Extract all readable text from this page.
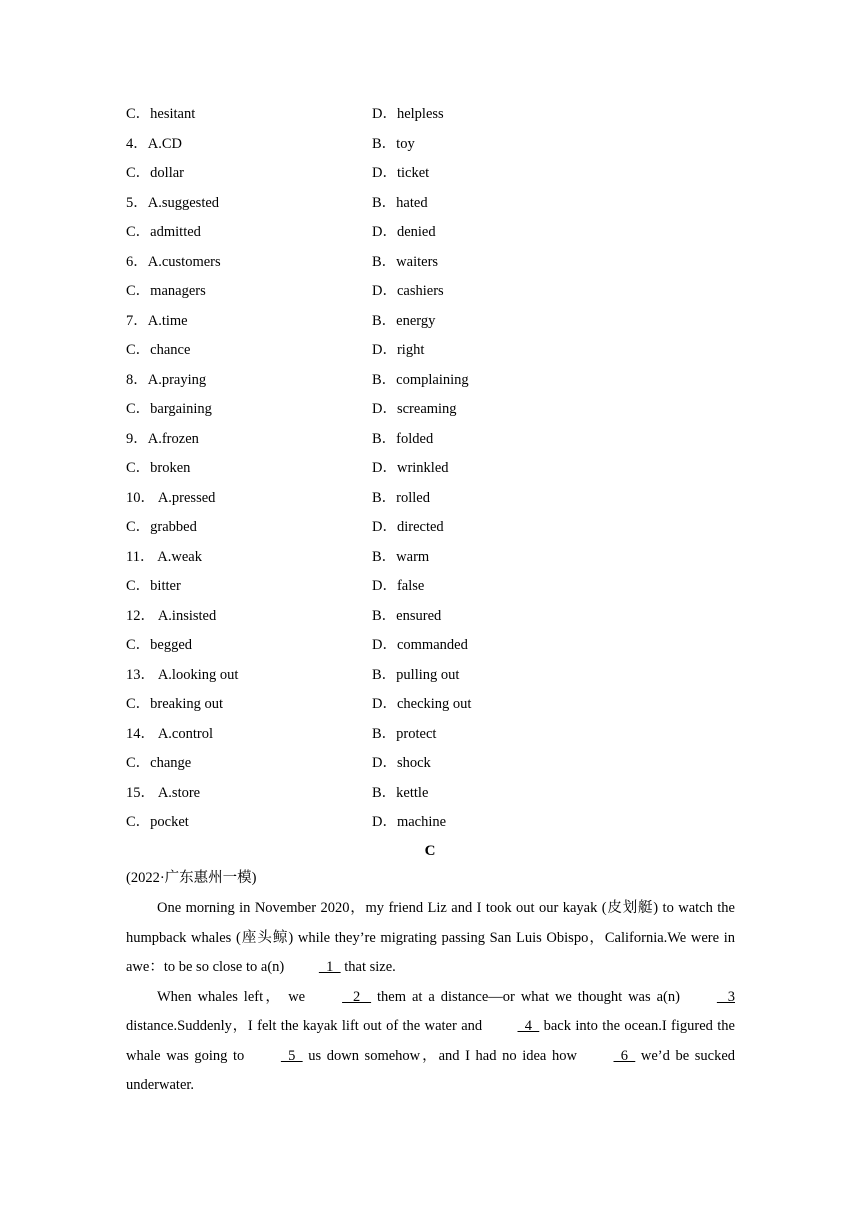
C．hesitant	D．helpless
4．A.CD	B．toy
C．dollar	D．ticket
5．A.suggested	B．hated
C．admitted	D．denied
6．A.customers	B．waiters
C．managers	D．cashiers
7．A.time	B．energy
C．chance	D．right
8．A.praying	B．complaining
C．bargaining	D．screaming
9．A.frozen	B．folded
C．broken	D．wrinkled
10． A.pressed	B．rolled
C．grabbed	D．directed
11． A.weak	B．warm
C．bitter	D．false
12． A.insisted	B．ensured
C．begged	D．commanded
13． A.looking out	B．pulling out
C．breaking out	D．checking out
14． A.control	B．protect
C．change	D．shock
15． A.store	B．kettle
C．pocket	D．machine
C
(2022·广东惠州一模)

One morning in November 2020，my friend Liz and I took out our kayak (皮划艇) to watch the humpback whales (座头鲸) while they’re migrating passing San Luis Obispo，California.We were in awe：to be so close to a(n)   1   that size.

When whales left， we    2    them at a distance—or what we thought was a(n)    3 distance.Suddenly，I felt the kayak lift out of the water and   4   back into the ocean.I figured the whale was going to   5   us down somehow，and I had no idea how   6   we’d be sucked underwater.
